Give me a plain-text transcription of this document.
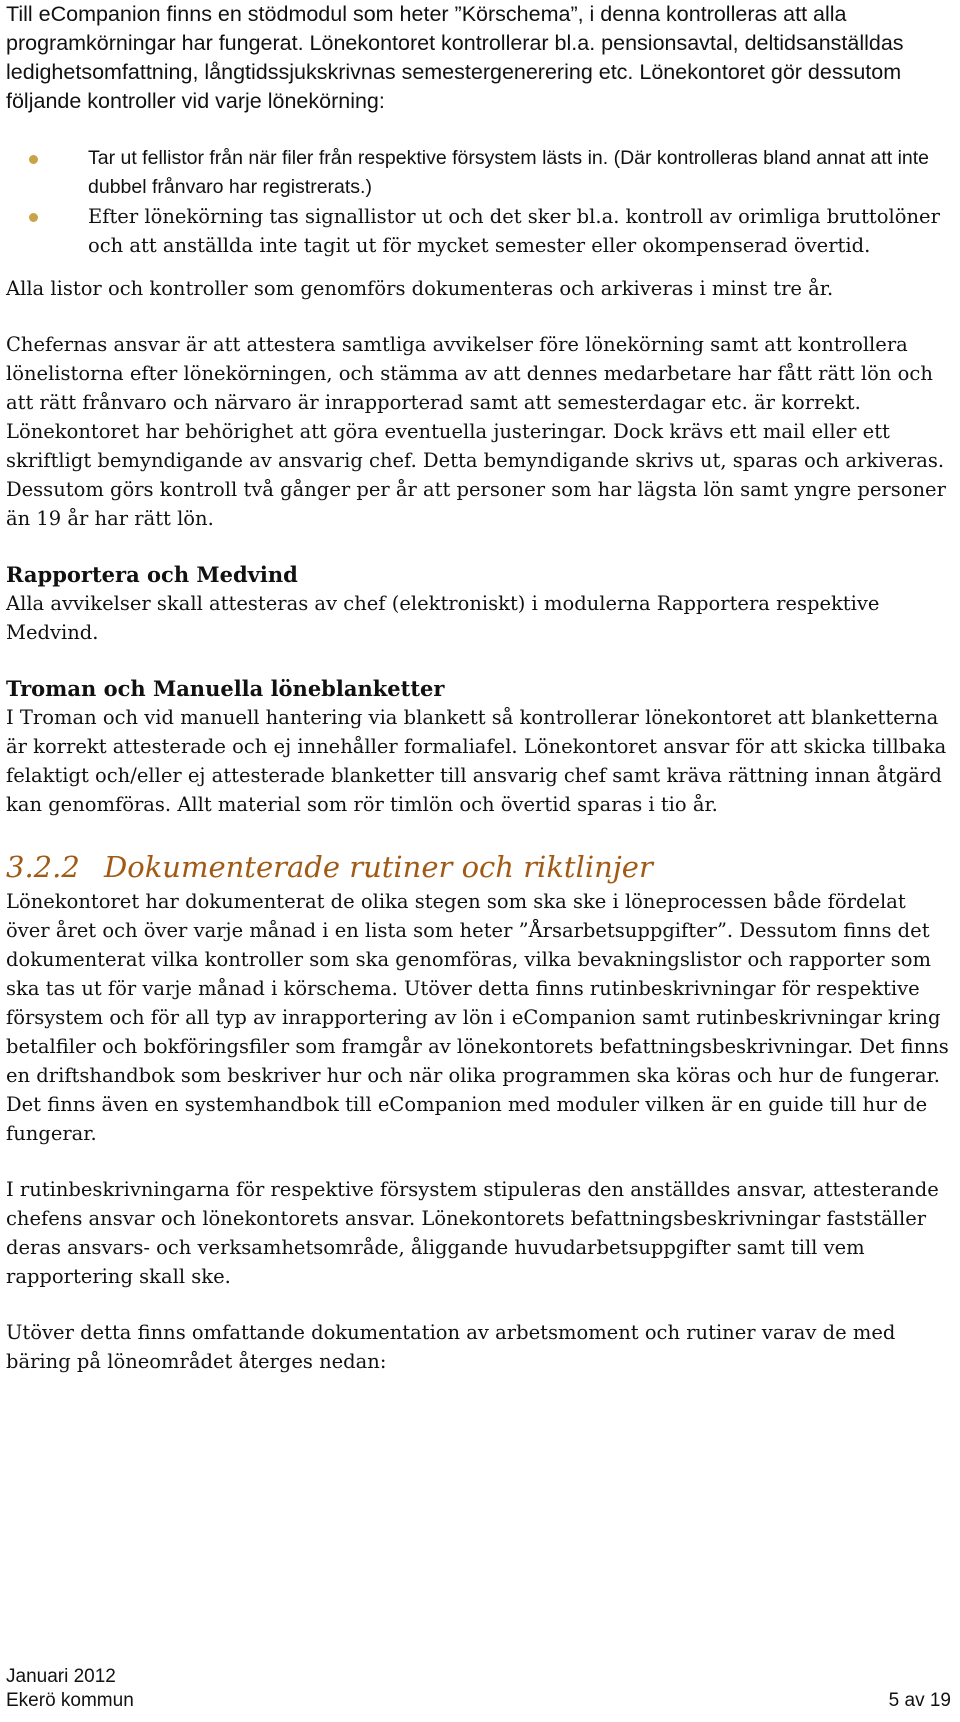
Till eCompanion finns en stödmodul som heter ”Körschema”, i denna kontrolleras att alla programkörningar har fungerat. Lönekontoret kontrollerar bl.a. pensionsavtal, deltidsanställdas ledighetsomfattning, långtidssjukskrivnas semestergenerering etc. Lönekontoret gör dessutom följande kontroller vid varje lönekörning:

Tar ut fellistor från när filer från respektive försystem lästs in. (Där kontrolleras bland annat att inte dubbel frånvaro har registrerats.)
Efter lönekörning tas signallistor ut och det sker bl.a. kontroll av orimliga bruttolöner och att anställda inte tagit ut för mycket semester eller okompenserad övertid.

Alla listor och kontroller som genomförs dokumenteras och arkiveras i minst tre år.

Chefernas ansvar är att attestera samtliga avvikelser före lönekörning samt att kontrollera lönelistorna efter lönekörningen, och stämma av att dennes medarbetare har fått rätt lön och att rätt frånvaro och närvaro är inrapporterad samt att semesterdagar etc. är korrekt. Lönekontoret har behörighet att göra eventuella justeringar. Dock krävs ett mail eller ett skriftligt bemyndigande av ansvarig chef. Detta bemyndigande skrivs ut, sparas och arkiveras. Dessutom görs kontroll två gånger per år att personer som har lägsta lön samt yngre personer än 19 år har rätt lön.

Rapportera och Medvind

Alla avvikelser skall attesteras av chef (elektroniskt) i modulerna Rapportera respektive Medvind.

Troman och Manuella löneblanketter

I Troman och vid manuell hantering via blankett så kontrollerar lönekontoret att blanketterna är korrekt attesterade och ej innehåller formaliafel. Lönekontoret ansvar för att skicka tillbaka felaktigt och/eller ej attesterade blanketter till ansvarig chef samt kräva rättning innan åtgärd kan genomföras. Allt material som rör timlön och övertid sparas i tio år.

3.2.2 Dokumenterade rutiner och riktlinjer

Lönekontoret har dokumenterat de olika stegen som ska ske i löneprocessen både fördelat över året och över varje månad i en lista som heter ”Årsarbetsuppgifter”. Dessutom finns det dokumenterat vilka kontroller som ska genomföras, vilka bevakningslistor och rapporter som ska tas ut för varje månad i körschema. Utöver detta finns rutinbeskrivningar för respektive försystem och för all typ av inrapportering av lön i eCompanion samt rutinbeskrivningar kring betalfiler och bokföringsfiler som framgår av lönekontorets befattningsbeskrivningar. Det finns en driftshandbok som beskriver hur och när olika programmen ska köras och hur de fungerar. Det finns även en systemhandbok till eCompanion med moduler vilken är en guide till hur de fungerar.

I rutinbeskrivningarna för respektive försystem stipuleras den anställdes ansvar, attesterande chefens ansvar och lönekontorets ansvar. Lönekontorets befattningsbeskrivningar fastställer deras ansvars- och verksamhetsområde, åliggande huvudarbetsuppgifter samt till vem rapportering skall ske.

Utöver detta finns omfattande dokumentation av arbetsmoment och rutiner varav de med bäring på löneområdet återges nedan:

Januari 2012
Ekerö kommun	5 av 19
